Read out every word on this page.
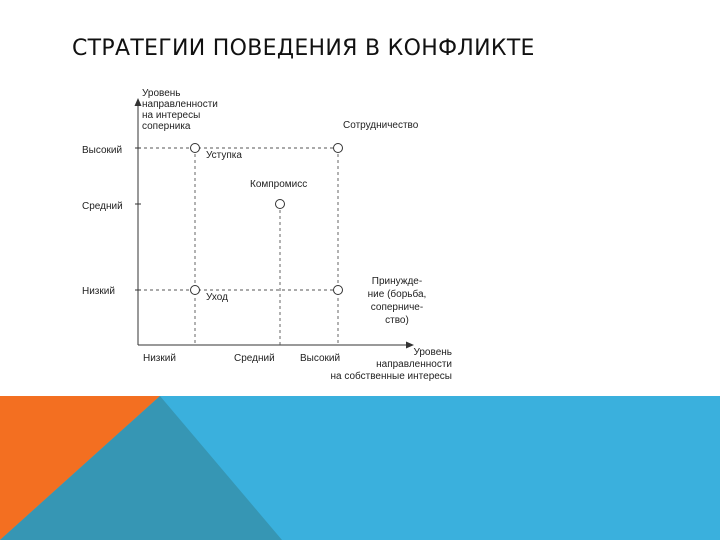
СТРАТЕГИИ ПОВЕДЕНИЯ В КОНФЛИКТЕ
Уровень
направленности
на интересы
соперника
Высокий
Средний
Низкий
Низкий	Средний	Высокий
Уровень
направленности
на собственные интересы
Сотрудничество
Уступка
Компромисс
Уход
Принужде-
ние (борьба,
соперниче-
ство)
